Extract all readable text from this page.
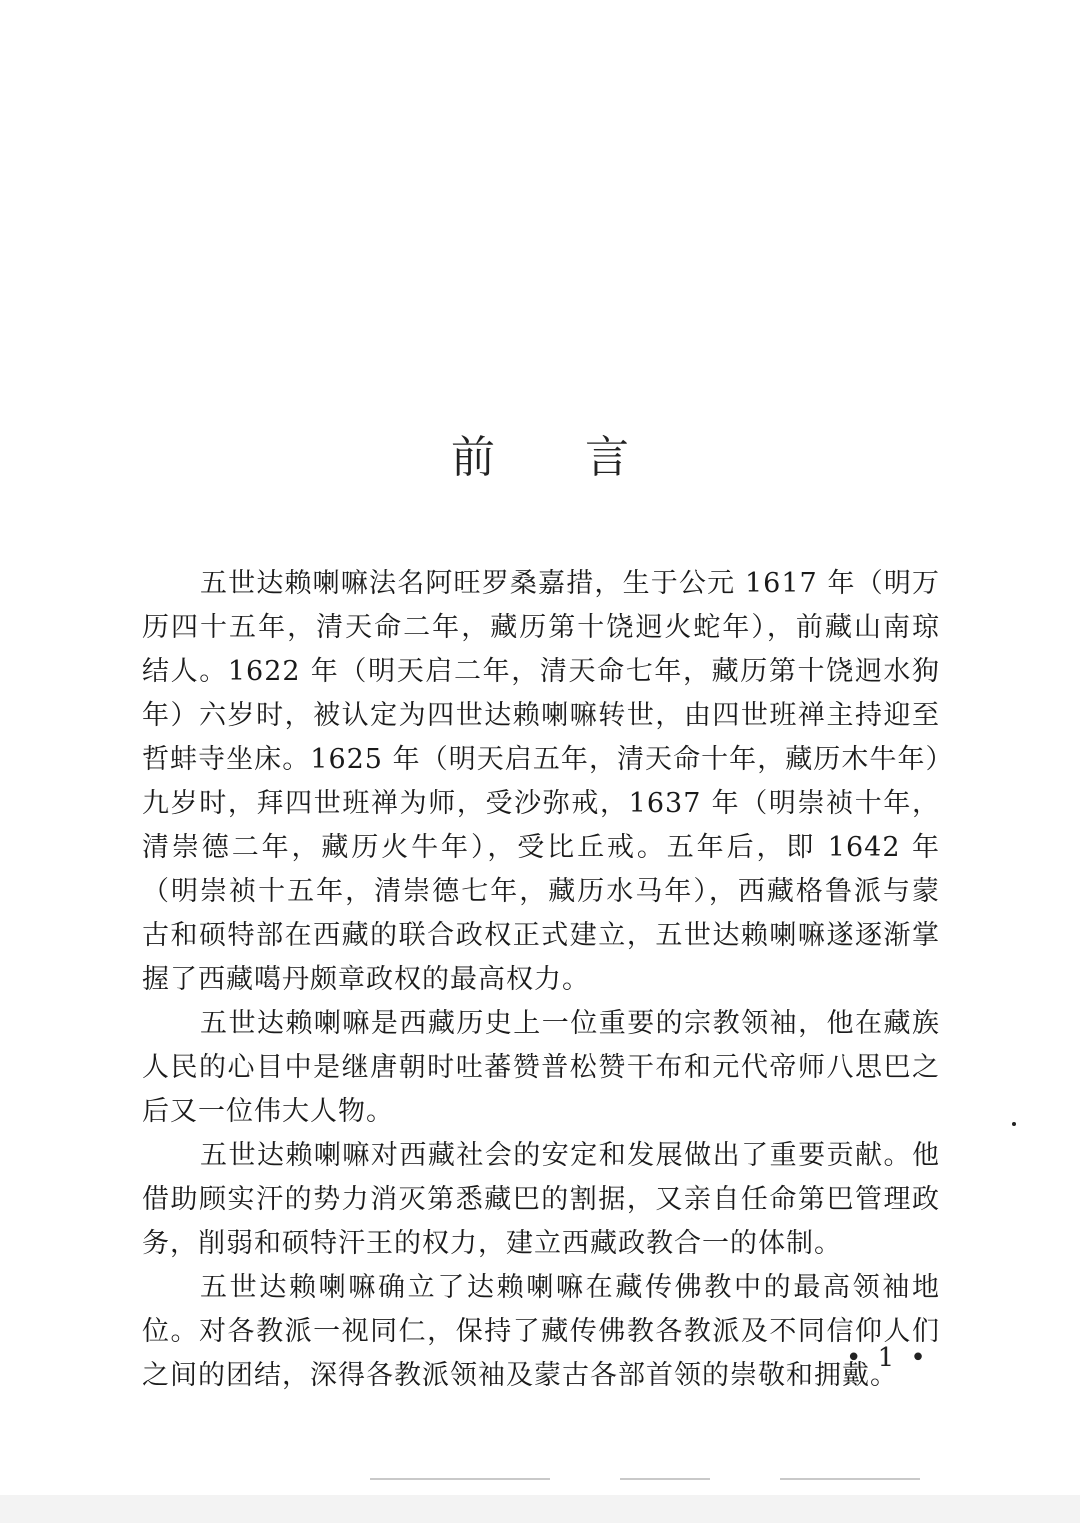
前言

五世达赖喇嘛法名阿旺罗桑嘉措，生于公元 1617 年（明万历四十五年，清天命二年，藏历第十饶迥火蛇年），前藏山南琼结人。1622 年（明天启二年，清天命七年，藏历第十饶迥水狗年）六岁时，被认定为四世达赖喇嘛转世，由四世班禅主持迎至哲蚌寺坐床。1625 年（明天启五年，清天命十年，藏历木牛年）九岁时，拜四世班禅为师，受沙弥戒，1637 年（明崇祯十年，清崇德二年，藏历火牛年），受比丘戒。五年后，即 1642 年（明崇祯十五年，清崇德七年，藏历水马年），西藏格鲁派与蒙古和硕特部在西藏的联合政权正式建立，五世达赖喇嘛遂逐渐掌握了西藏噶丹颇章政权的最高权力。

五世达赖喇嘛是西藏历史上一位重要的宗教领袖，他在藏族人民的心目中是继唐朝时吐蕃赞普松赞干布和元代帝师八思巴之后又一位伟大人物。

五世达赖喇嘛对西藏社会的安定和发展做出了重要贡献。他借助顾实汗的势力消灭第悉藏巴的割据，又亲自任命第巴管理政务，削弱和硕特汗王的权力，建立西藏政教合一的体制。

五世达赖喇嘛确立了达赖喇嘛在藏传佛教中的最高领袖地位。对各教派一视同仁，保持了藏传佛教各教派及不同信仰人们之间的团结，深得各教派领袖及蒙古各部首领的崇敬和拥戴。

• 1 •
